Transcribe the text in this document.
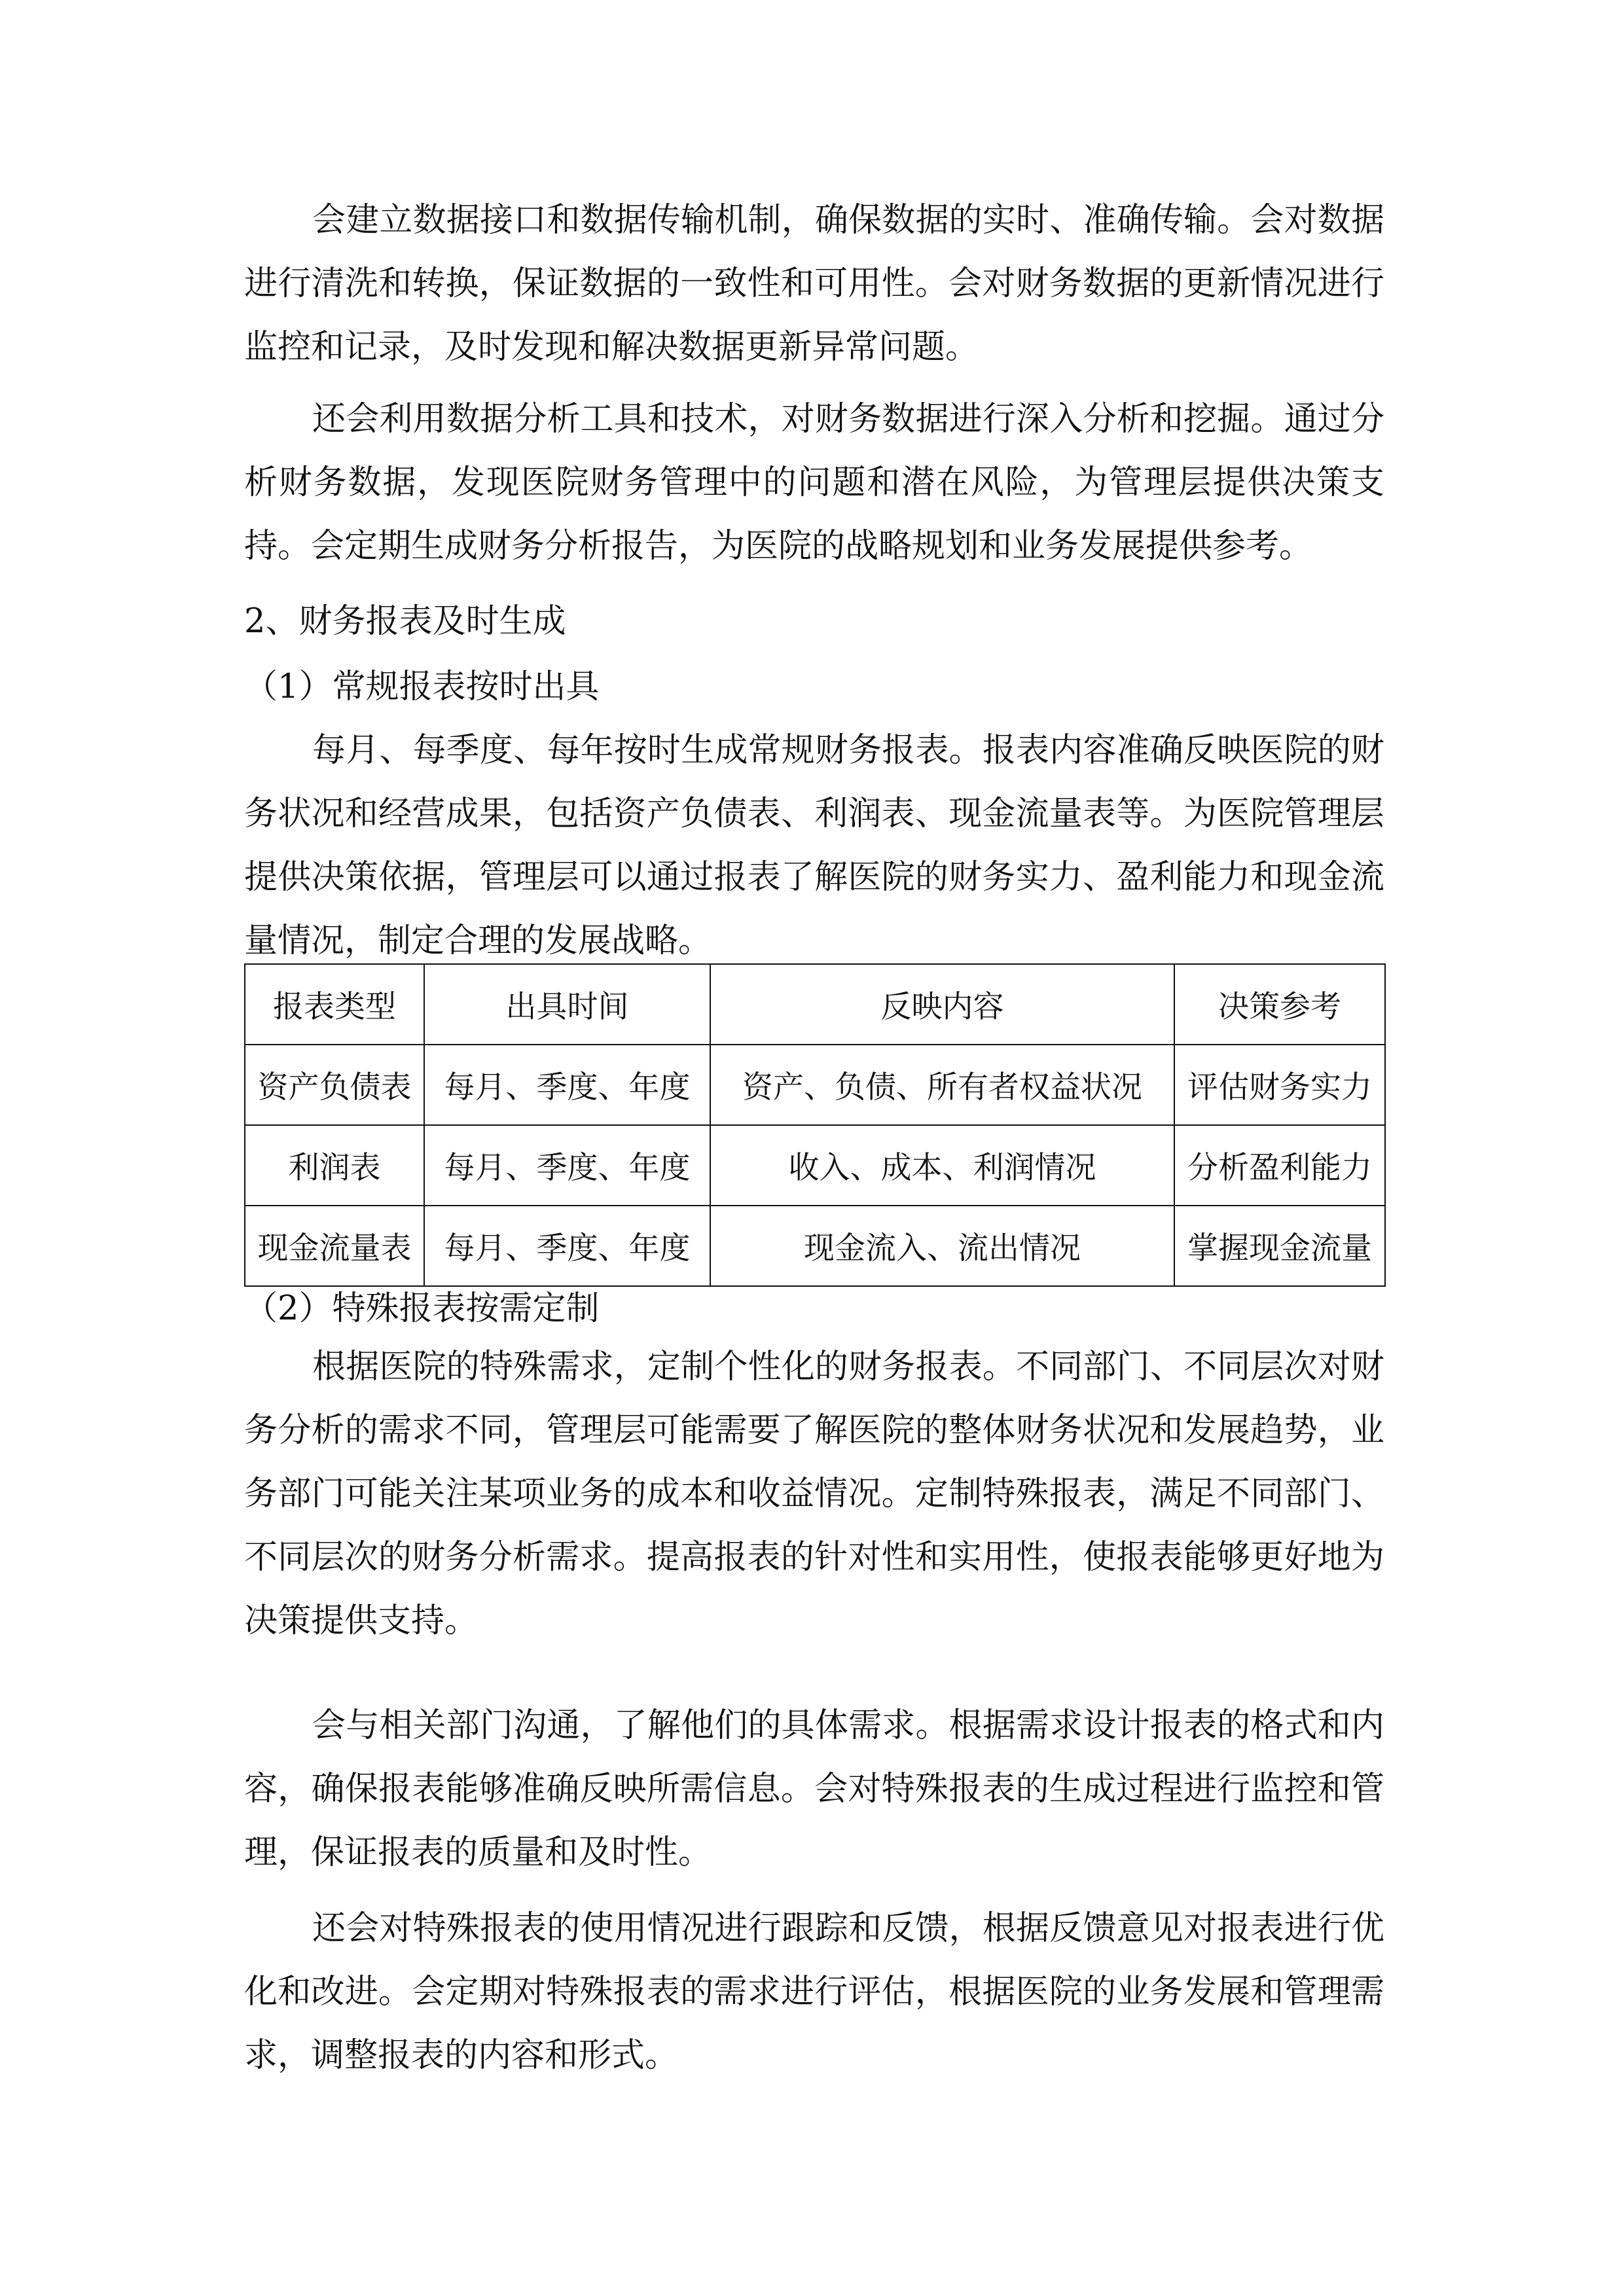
会建立数据接口和数据传输机制，确保数据的实时、准确传输。会对数据进行清洗和转换，保证数据的一致性和可用性。会对财务数据的更新情况进行监控和记录，及时发现和解决数据更新异常问题。

还会利用数据分析工具和技术，对财务数据进行深入分析和挖掘。通过分析财务数据，发现医院财务管理中的问题和潜在风险，为管理层提供决策支持。会定期生成财务分析报告，为医院的战略规划和业务发展提供参考。

2、财务报表及时生成
（1）常规报表按时出具

每月、每季度、每年按时生成常规财务报表。报表内容准确反映医院的财务状况和经营成果，包括资产负债表、利润表、现金流量表等。为医院管理层提供决策依据，管理层可以通过报表了解医院的财务实力、盈利能力和现金流量情况，制定合理的发展战略。

报表类型	出具时间	反映内容	决策参考
资产负债表	每月、季度、年度	资产、负债、所有者权益状况	评估财务实力
利润表	每月、季度、年度	收入、成本、利润情况	分析盈利能力
现金流量表	每月、季度、年度	现金流入、流出情况	掌握现金流量
（2）特殊报表按需定制

根据医院的特殊需求，定制个性化的财务报表。不同部门、不同层次对财务分析的需求不同，管理层可能需要了解医院的整体财务状况和发展趋势，业务部门可能关注某项业务的成本和收益情况。定制特殊报表，满足不同部门、不同层次的财务分析需求。提高报表的针对性和实用性，使报表能够更好地为决策提供支持。

会与相关部门沟通，了解他们的具体需求。根据需求设计报表的格式和内容，确保报表能够准确反映所需信息。会对特殊报表的生成过程进行监控和管理，保证报表的质量和及时性。

还会对特殊报表的使用情况进行跟踪和反馈，根据反馈意见对报表进行优化和改进。会定期对特殊报表的需求进行评估，根据医院的业务发展和管理需求，调整报表的内容和形式。
